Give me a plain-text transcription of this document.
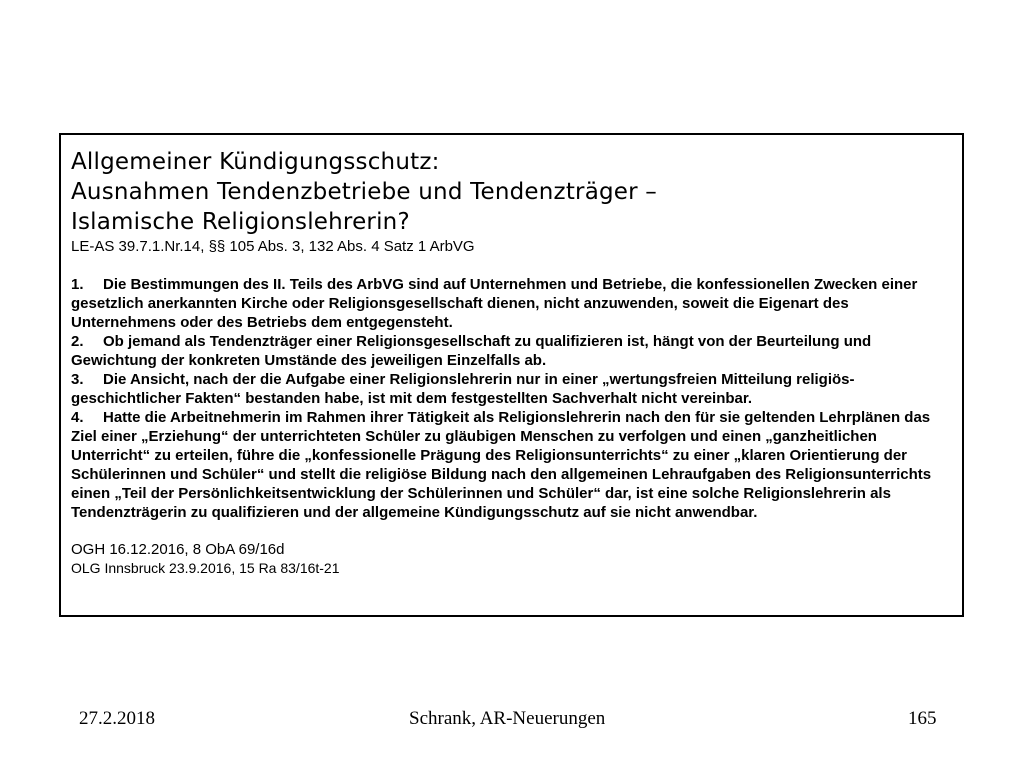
Allgemeiner Kündigungsschutz:
Ausnahmen Tendenzbetriebe und Tendenzträger –
Islamische Religionslehrerin?
LE-AS 39.7.1.Nr.14, §§ 105 Abs. 3, 132 Abs. 4 Satz 1 ArbVG
1. Die Bestimmungen des II. Teils des ArbVG sind auf Unternehmen und Betriebe, die konfessionellen Zwecken einer gesetzlich anerkannten Kirche oder Religionsgesellschaft dienen, nicht anzuwenden, soweit die Eigenart des Unternehmens oder des Betriebs dem entgegensteht.
2. Ob jemand als Tendenzträger einer Religionsgesellschaft zu qualifizieren ist, hängt von der Beurteilung und Gewichtung der konkreten Umstände des jeweiligen Einzelfalls ab.
3. Die Ansicht, nach der die Aufgabe einer Religionslehrerin nur in einer „wertungsfreien Mitteilung religiös-geschichtlicher Fakten“ bestanden habe, ist mit dem festgestellten Sachverhalt nicht vereinbar.
4. Hatte die Arbeitnehmerin im Rahmen ihrer Tätigkeit als Religionslehrerin nach den für sie geltenden Lehrplänen das Ziel einer „Erziehung“ der unterrichteten Schüler zu gläubigen Menschen zu verfolgen und einen „ganzheitlichen Unterricht“ zu erteilen, führe die „konfessionelle Prägung des Religionsunterrichts“ zu einer „klaren Orientierung der Schülerinnen und Schüler“ und stellt die religiöse Bildung nach den allgemeinen Lehraufgaben des Religionsunterrichts einen „Teil der Persönlichkeitsentwicklung der Schülerinnen und Schüler“ dar, ist eine solche Religionslehrerin als Tendenzträgerin zu qualifizieren und der allgemeine Kündigungsschutz auf sie nicht anwendbar.
OGH 16.12.2016, 8 ObA 69/16d
OLG Innsbruck 23.9.2016, 15 Ra 83/16t-21
27.2.2018	Schrank, AR-Neuerungen	165
